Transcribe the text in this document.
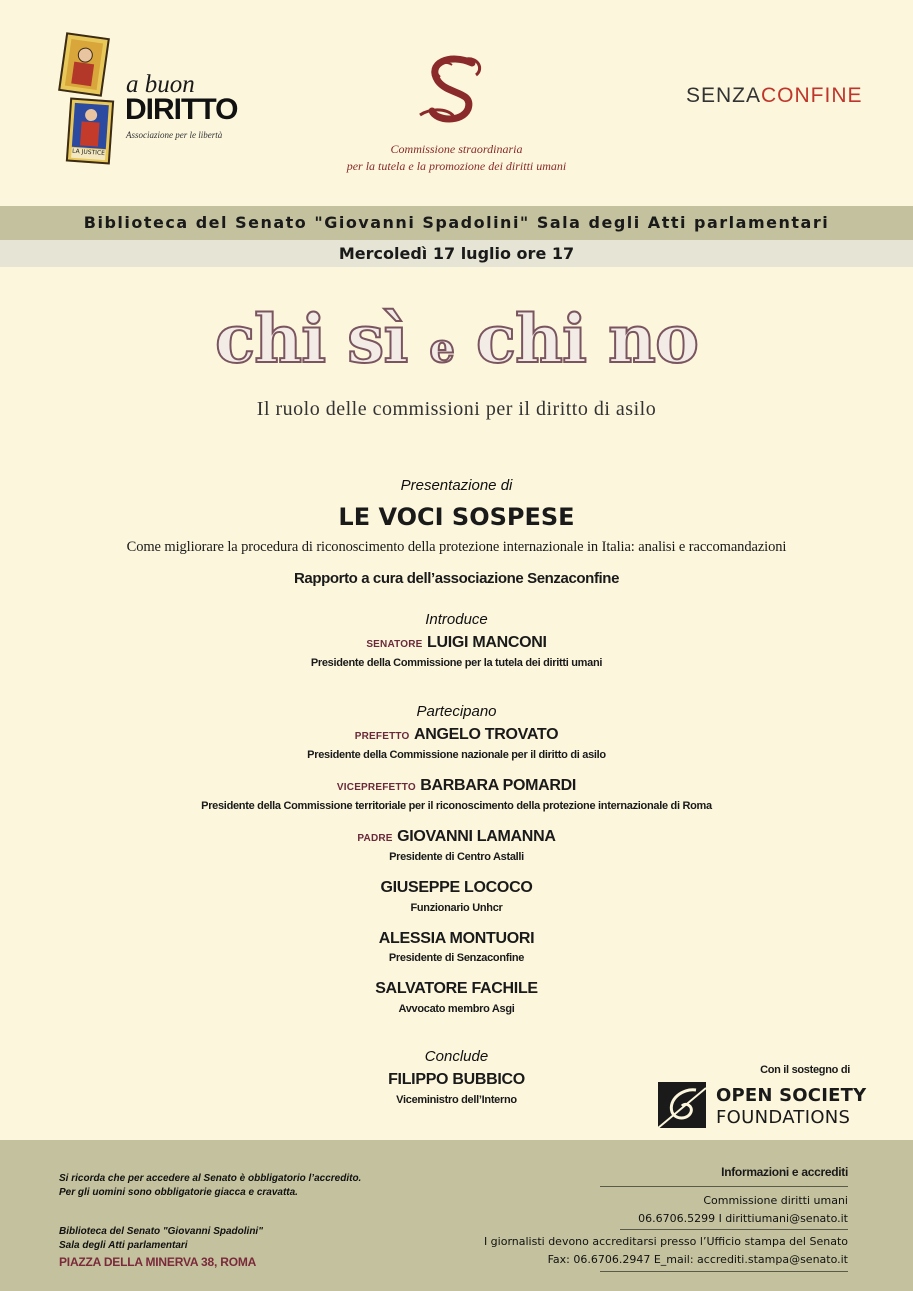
LA JUSTICE
a buon
DIRITTO
Associazione per le libertà
Commissione straordinaria
per la tutela e la promozione dei diritti umani
SENZACONFINE
Biblioteca del Senato "Giovanni Spadolini" Sala degli Atti parlamentari
Mercoledì 17 luglio ore 17
chi sì e chi no
Il ruolo delle commissioni per il diritto di asilo
Presentazione di
LE VOCI SOSPESE
Come migliorare la procedura di riconoscimento della protezione internazionale in Italia: analisi e raccomandazioni
Rapporto a cura dell’associazione Senzaconfine
Introduce
SENATORE LUIGI MANCONI
Presidente della Commissione per la tutela dei diritti umani
Partecipano
PREFETTO ANGELO TROVATO
Presidente della Commissione nazionale per il diritto di asilo
VICEPREFETTO BARBARA POMARDI
Presidente della Commissione territoriale per il riconoscimento della protezione internazionale di Roma
PADRE GIOVANNI LAMANNA
Presidente di Centro Astalli
GIUSEPPE LOCOCO
Funzionario Unhcr
ALESSIA MONTUORI
Presidente di Senzaconfine
SALVATORE FACHILE
Avvocato membro Asgi
Conclude
FILIPPO BUBBICO
Viceministro dell’Interno
Con il sostegno di
OPEN SOCIETY
FOUNDATIONS
Si ricorda che per accedere al Senato è obbligatorio l’accredito.
Per gli uomini sono obbligatorie giacca e cravatta.
Biblioteca del Senato "Giovanni Spadolini"
Sala degli Atti parlamentari
PIAZZA DELLA MINERVA 38, ROMA
Informazioni e accrediti
Commissione diritti umani
06.6706.5299 I dirittiumani@senato.it
I giornalisti devono accreditarsi presso l’Ufficio stampa del Senato
Fax: 06.6706.2947 E_mail: accrediti.stampa@senato.it
